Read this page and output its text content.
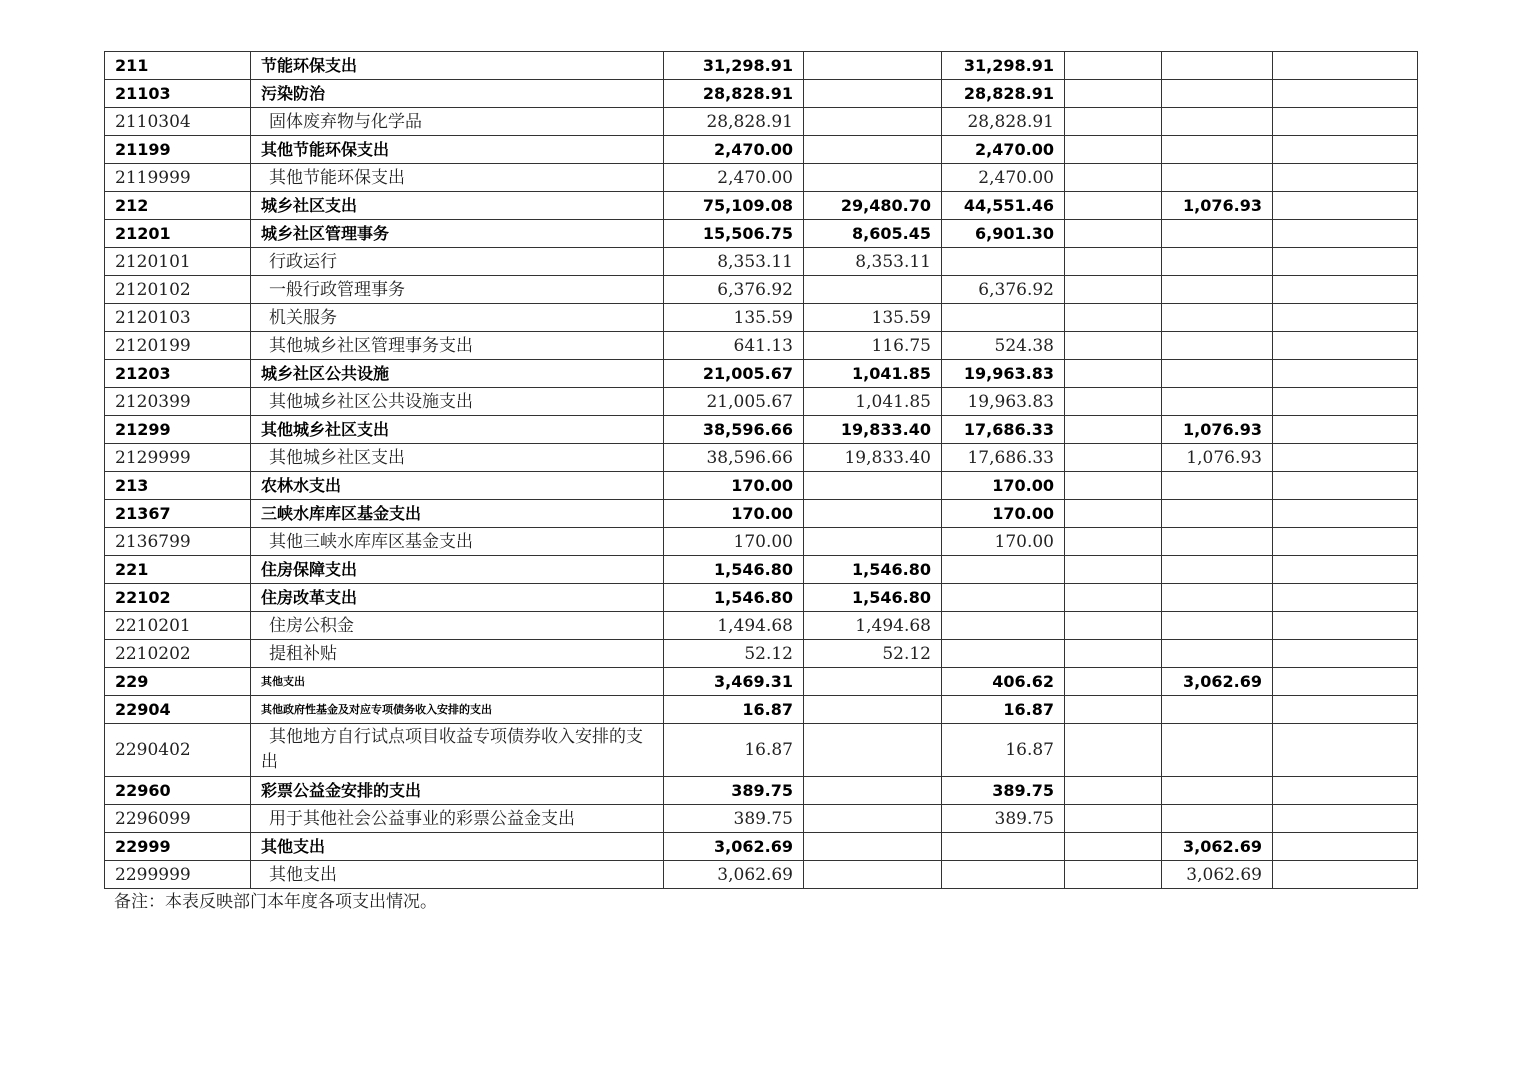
211	节能环保支出	31,298.91		31,298.91			
21103	污染防治	28,828.91		28,828.91			
2110304	固体废弃物与化学品	28,828.91		28,828.91			
21199	其他节能环保支出	2,470.00		2,470.00			
2119999	其他节能环保支出	2,470.00		2,470.00			
212	城乡社区支出	75,109.08	29,480.70	44,551.46		1,076.93	
21201	城乡社区管理事务	15,506.75	8,605.45	6,901.30			
2120101	行政运行	8,353.11	8,353.11				
2120102	一般行政管理事务	6,376.92		6,376.92			
2120103	机关服务	135.59	135.59				
2120199	其他城乡社区管理事务支出	641.13	116.75	524.38			
21203	城乡社区公共设施	21,005.67	1,041.85	19,963.83			
2120399	其他城乡社区公共设施支出	21,005.67	1,041.85	19,963.83			
21299	其他城乡社区支出	38,596.66	19,833.40	17,686.33		1,076.93	
2129999	其他城乡社区支出	38,596.66	19,833.40	17,686.33		1,076.93	
213	农林水支出	170.00		170.00			
21367	三峡水库库区基金支出	170.00		170.00			
2136799	其他三峡水库库区基金支出	170.00		170.00			
221	住房保障支出	1,546.80	1,546.80				
22102	住房改革支出	1,546.80	1,546.80				
2210201	住房公积金	1,494.68	1,494.68				
2210202	提租补贴	52.12	52.12				
229	其他支出	3,469.31		406.62		3,062.69	
22904	其他政府性基金及对应专项债务收入安排的支出	16.87		16.87			
2290402	其他地方自行试点项目收益专项债券收入安排的支出	16.87		16.87			
22960	彩票公益金安排的支出	389.75		389.75			
2296099	用于其他社会公益事业的彩票公益金支出	389.75		389.75			
22999	其他支出	3,062.69				3,062.69	
2299999	其他支出	3,062.69				3,062.69	
备注：本表反映部门本年度各项支出情况。
